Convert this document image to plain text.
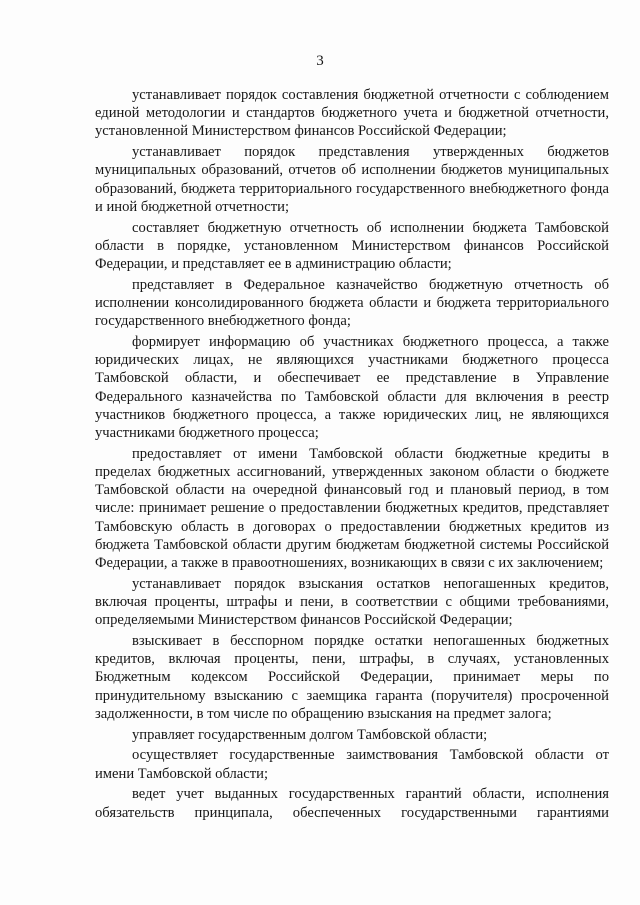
3

устанавливает порядок составления бюджетной отчетности с соблюдением единой методологии и стандартов бюджетного учета и бюджетной отчетности, установленной Министерством финансов Российской Федерации;

устанавливает порядок представления утвержденных бюджетов муниципальных образований, отчетов об исполнении бюджетов муниципальных образований, бюджета территориального государственного внебюджетного фонда и иной бюджетной отчетности;

составляет бюджетную отчетность об исполнении бюджета Тамбовской области в порядке, установленном Министерством финансов Российской Федерации, и представляет ее в администрацию области;

представляет в Федеральное казначейство бюджетную отчетность об исполнении консолидированного бюджета области и бюджета территориального государственного внебюджетного фонда;

формирует информацию об участниках бюджетного процесса, а также юридических лицах, не являющихся участниками бюджетного процесса Тамбовской области, и обеспечивает ее представление в Управление Федерального казначейства по Тамбовской области для включения в реестр участников бюджетного процесса, а также юридических лиц, не являющихся участниками бюджетного процесса;

предоставляет от имени Тамбовской области бюджетные кредиты в пределах бюджетных ассигнований, утвержденных законом области о бюджете Тамбовской области на очередной финансовый год и плановый период, в том числе: принимает решение о предоставлении бюджетных кредитов, представляет Тамбовскую область в договорах о предоставлении бюджетных кредитов из бюджета Тамбовской области другим бюджетам бюджетной системы Российской Федерации, а также в правоотношениях, возникающих в связи с их заключением;

устанавливает порядок взыскания остатков непогашенных кредитов, включая проценты, штрафы и пени, в соответствии с общими требованиями, определяемыми Министерством финансов Российской Федерации;

взыскивает в бесспорном порядке остатки непогашенных бюджетных кредитов, включая проценты, пени, штрафы, в случаях, установленных Бюджетным кодексом Российской Федерации, принимает меры по принудительному взысканию с заемщика гаранта (поручителя) просроченной задолженности, в том числе по обращению взыскания на предмет залога;

управляет государственным долгом Тамбовской области;

осуществляет государственные заимствования Тамбовской области от имени Тамбовской области;

ведет учет выданных государственных гарантий области, исполнения обязательств принципала, обеспеченных государственными гарантиями
